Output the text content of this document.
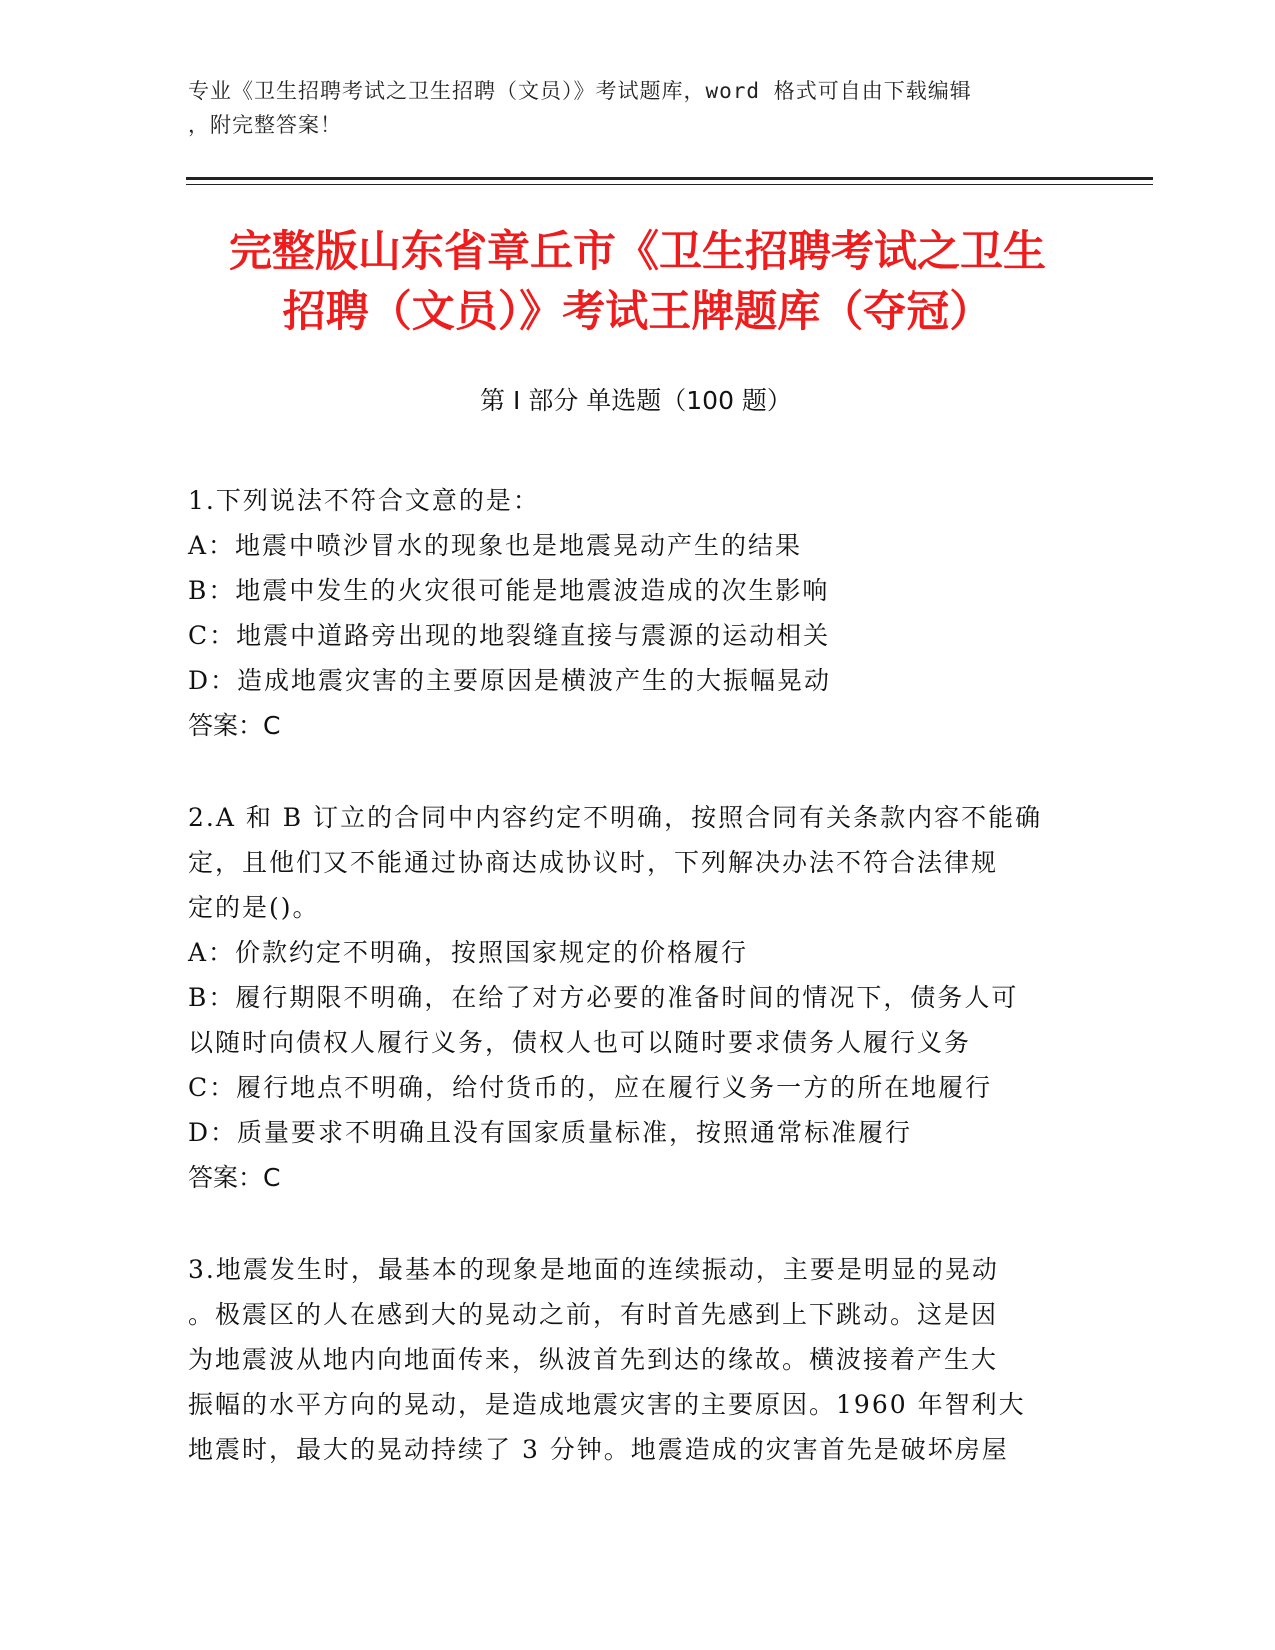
专业《卫生招聘考试之卫生招聘（文员）》考试题库，word 格式可自由下载编辑
，附完整答案！
完整版山东省章丘市《卫生招聘考试之卫生
招聘（文员）》考试王牌题库（夺冠）
第 I 部分 单选题（100 题）

1.下列说法不符合文意的是：

A：地震中喷沙冒水的现象也是地震晃动产生的结果

B：地震中发生的火灾很可能是地震波造成的次生影响

C：地震中道路旁出现的地裂缝直接与震源的运动相关

D：造成地震灾害的主要原因是横波产生的大振幅晃动

答案：C

2.A 和 B 订立的合同中内容约定不明确，按照合同有关条款内容不能确

定，且他们又不能通过协商达成协议时，下列解决办法不符合法律规

定的是()。

A：价款约定不明确，按照国家规定的价格履行

B：履行期限不明确，在给了对方必要的准备时间的情况下，债务人可

以随时向债权人履行义务，债权人也可以随时要求债务人履行义务

C：履行地点不明确，给付货币的，应在履行义务一方的所在地履行

D：质量要求不明确且没有国家质量标准，按照通常标准履行

答案：C

3.地震发生时，最基本的现象是地面的连续振动，主要是明显的晃动

。极震区的人在感到大的晃动之前，有时首先感到上下跳动。这是因

为地震波从地内向地面传来，纵波首先到达的缘故。横波接着产生大

振幅的水平方向的晃动，是造成地震灾害的主要原因。1960 年智利大

地震时，最大的晃动持续了 3 分钟。地震造成的灾害首先是破坏房屋
